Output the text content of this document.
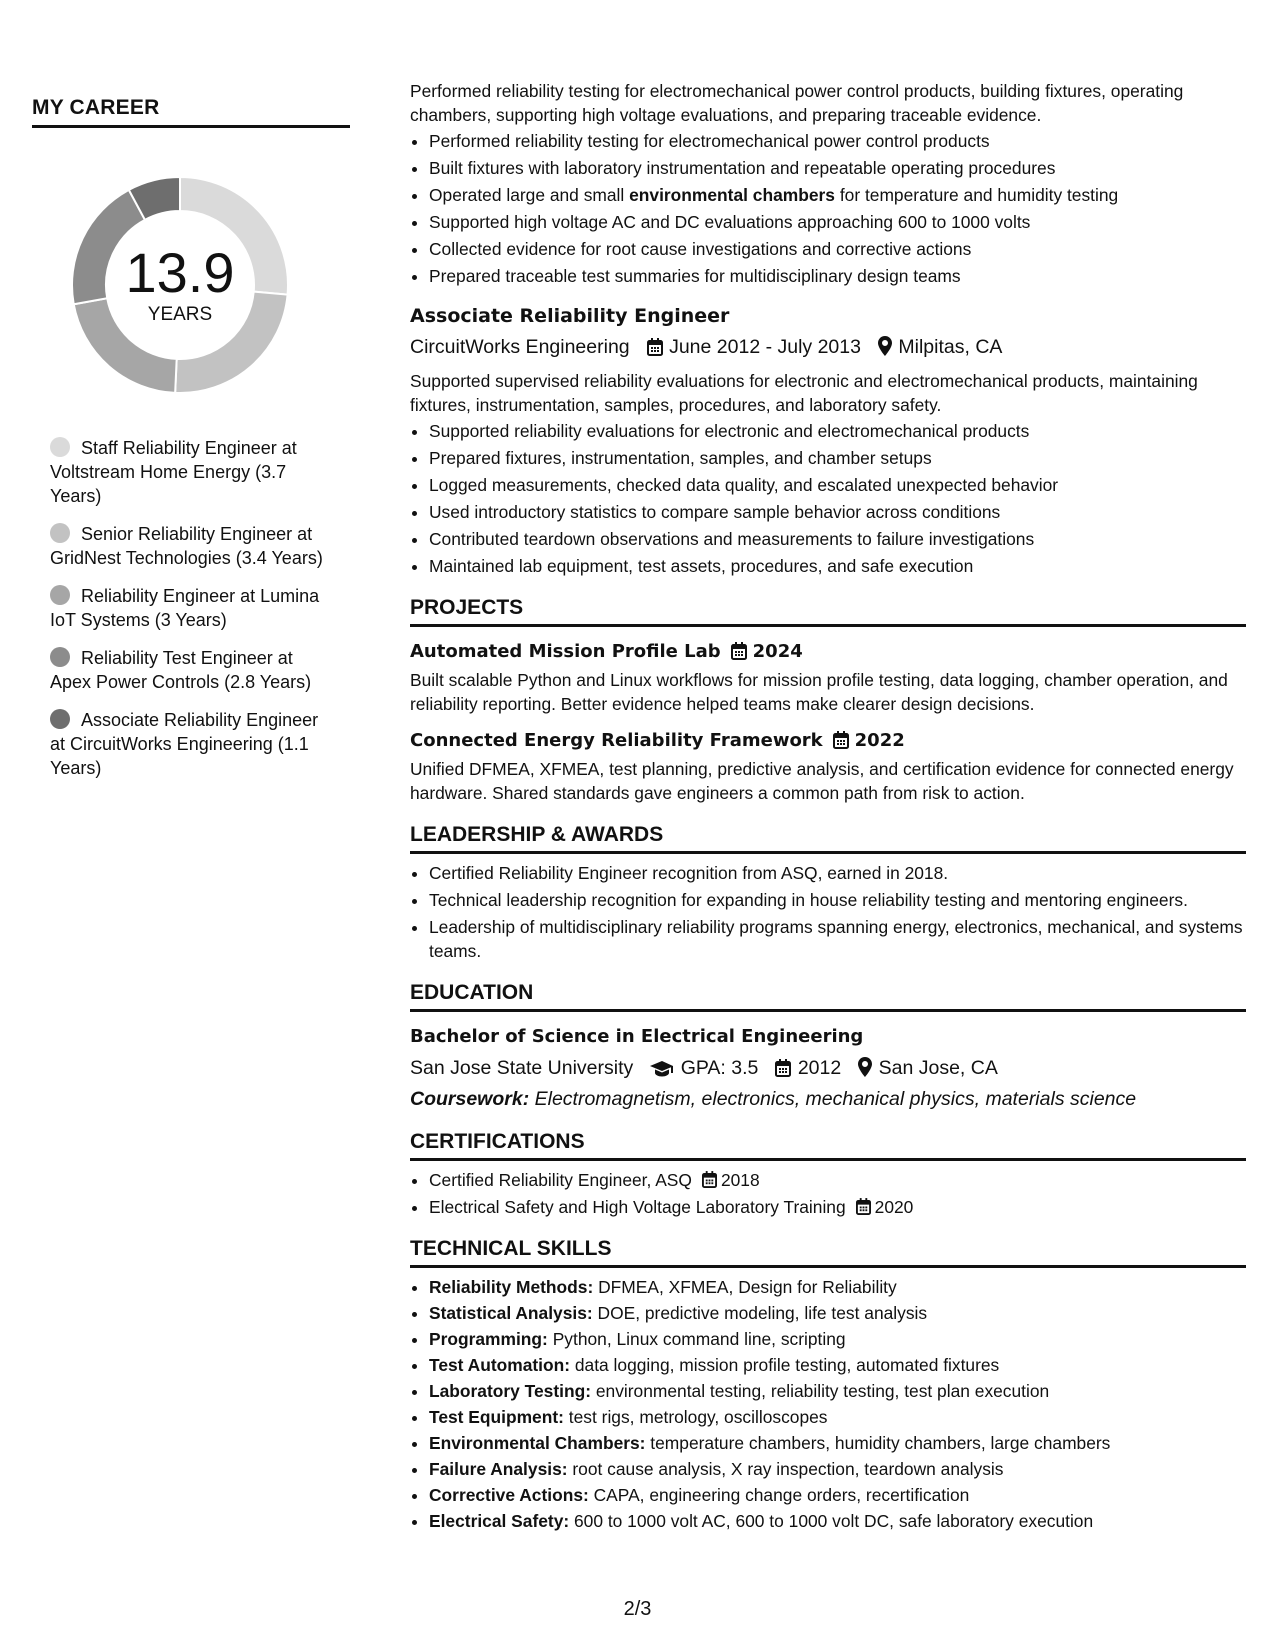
MY CAREER
13.9
YEARS
Staff Reliability Engineer at Voltstream Home Energy (3.7 Years)
Senior Reliability Engineer at GridNest Technologies (3.4 Years)
Reliability Engineer at Lumina IoT Systems (3 Years)
Reliability Test Engineer at Apex Power Controls (2.8 Years)
Associate Reliability Engineer at CircuitWorks Engineering (1.1 Years)

Performed reliability testing for electromechanical power control products, building fixtures, operating chambers, supporting high voltage evaluations, and preparing traceable evidence.

• Performed reliability testing for electromechanical power control products
• Built fixtures with laboratory instrumentation and repeatable operating procedures
• Operated large and small environmental chambers for temperature and humidity testing
• Supported high voltage AC and DC evaluations approaching 600 to 1000 volts
• Collected evidence for root cause investigations and corrective actions
• Prepared traceable test summaries for multidisciplinary design teams
Associate Reliability Engineer
CircuitWorks Engineering June 2012 - July 2013 Milpitas, CA

Supported supervised reliability evaluations for electronic and electromechanical products, maintaining fixtures, instrumentation, samples, procedures, and laboratory safety.

• Supported reliability evaluations for electronic and electromechanical products
• Prepared fixtures, instrumentation, samples, and chamber setups
• Logged measurements, checked data quality, and escalated unexpected behavior
• Used introductory statistics to compare sample behavior across conditions
• Contributed teardown observations and measurements to failure investigations
• Maintained lab equipment, test assets, procedures, and safe execution
PROJECTS
Automated Mission Profile Lab 2024

Built scalable Python and Linux workflows for mission profile testing, data logging, chamber operation, and reliability reporting. Better evidence helped teams make clearer design decisions.

Connected Energy Reliability Framework 2022

Unified DFMEA, XFMEA, test planning, predictive analysis, and certification evidence for connected energy hardware. Shared standards gave engineers a common path from risk to action.

LEADERSHIP & AWARDS
• Certified Reliability Engineer recognition from ASQ, earned in 2018.
• Technical leadership recognition for expanding in house reliability testing and mentoring engineers.
• Leadership of multidisciplinary reliability programs spanning energy, electronics, mechanical, and systems teams.
EDUCATION
Bachelor of Science in Electrical Engineering
San Jose State University GPA: 3.5 2012 San Jose, CA

Coursework: Electromagnetism, electronics, mechanical physics, materials science

CERTIFICATIONS
• Certified Reliability Engineer, ASQ 2018
• Electrical Safety and High Voltage Laboratory Training 2020
TECHNICAL SKILLS
• Reliability Methods: DFMEA, XFMEA, Design for Reliability
• Statistical Analysis: DOE, predictive modeling, life test analysis
• Programming: Python, Linux command line, scripting
• Test Automation: data logging, mission profile testing, automated fixtures
• Laboratory Testing: environmental testing, reliability testing, test plan execution
• Test Equipment: test rigs, metrology, oscilloscopes
• Environmental Chambers: temperature chambers, humidity chambers, large chambers
• Failure Analysis: root cause analysis, X ray inspection, teardown analysis
• Corrective Actions: CAPA, engineering change orders, recertification
• Electrical Safety: 600 to 1000 volt AC, 600 to 1000 volt DC, safe laboratory execution
2/3
